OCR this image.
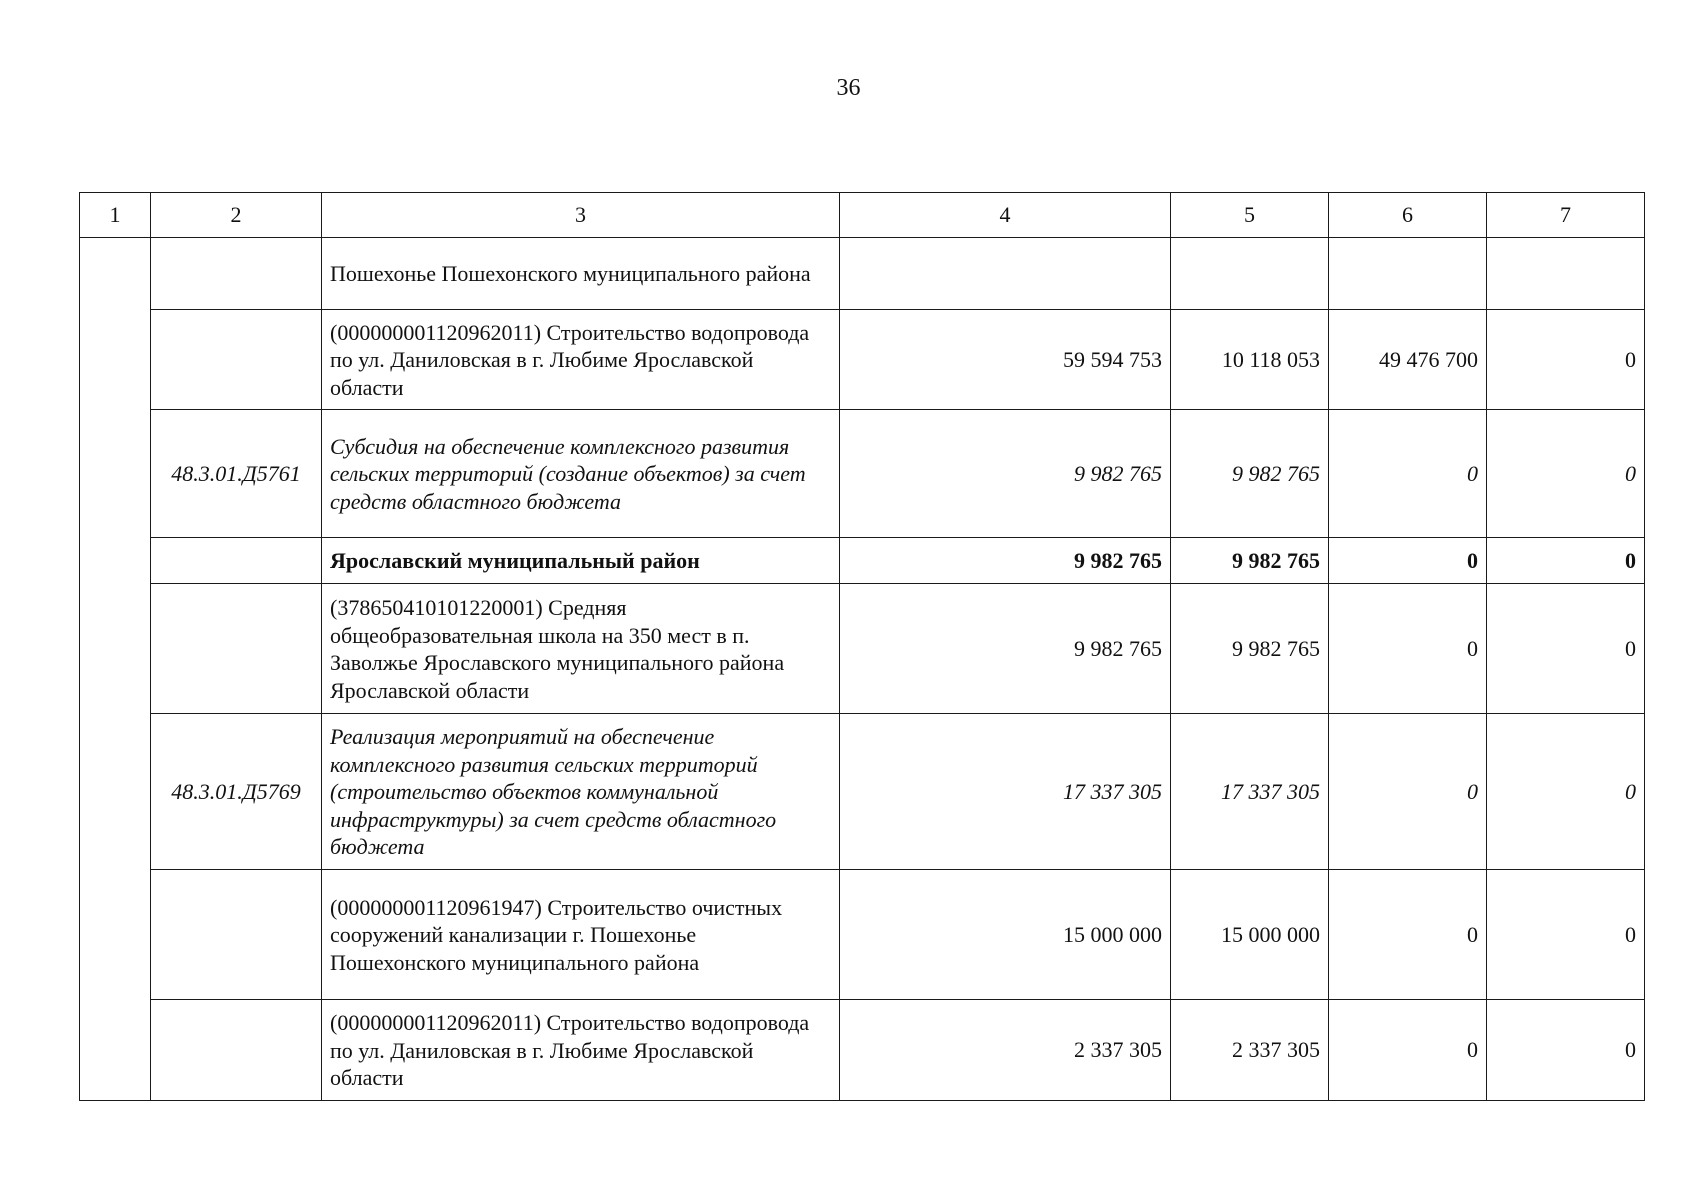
36
1	2	3	4	5	6	7
		Пошехонье Пошехонского муниципального района				
		(000000001120962011) Строительство водопровода по ул. Даниловская в г. Любиме Ярославской области	59 594 753	10 118 053	49 476 700	0
	48.3.01.Д5761	Субсидия на обеспечение комплексного развития сельских территорий (создание объектов) за счет средств областного бюджета	9 982 765	9 982 765	0	0
		Ярославский муниципальный район	9 982 765	9 982 765	0	0
		(378650410101220001) Средняя общеобразовательная школа на 350 мест в п. Заволжье Ярославского муниципального района Ярославской области	9 982 765	9 982 765	0	0
	48.3.01.Д5769	Реализация мероприятий на обеспечение комплексного развития сельских территорий (строительство объектов коммунальной инфраструктуры) за счет средств областного бюджета	17 337 305	17 337 305	0	0
		(000000001120961947) Строительство очистных сооружений канализации г. Пошехонье Пошехонского муниципального района	15 000 000	15 000 000	0	0
		(000000001120962011) Строительство водопровода по ул. Даниловская в г. Любиме Ярославской области	2 337 305	2 337 305	0	0
